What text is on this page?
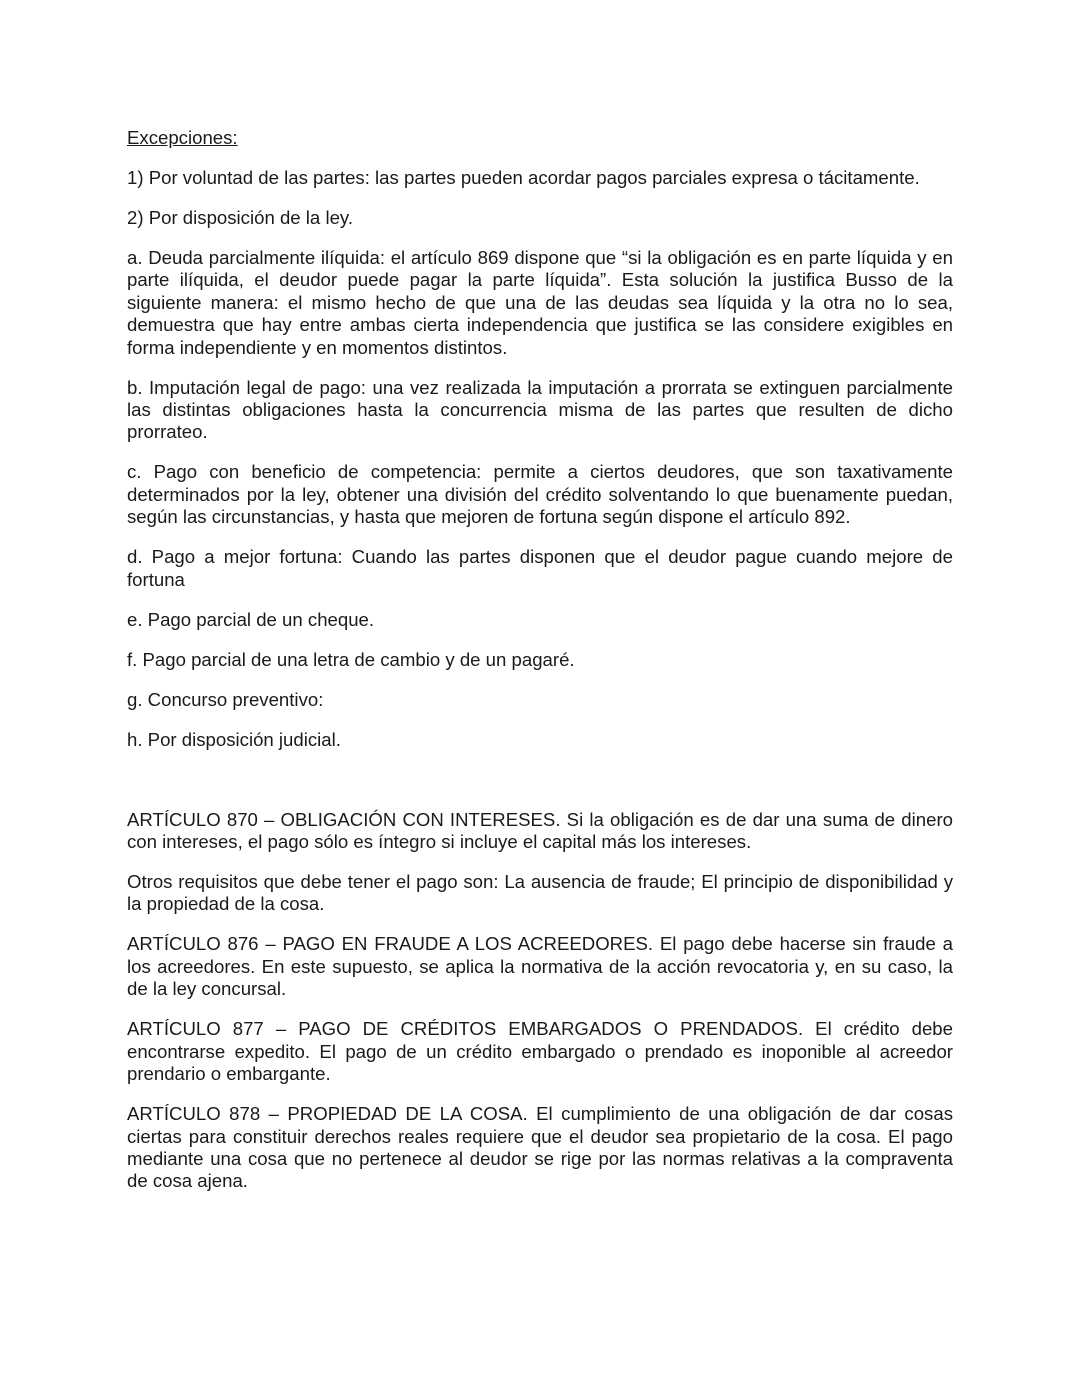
Excepciones:

1) Por voluntad de las partes: las partes pueden acordar pagos parciales expresa o tácitamente.

2) Por disposición de la ley.

a. Deuda parcialmente ilíquida: el artículo 869 dispone que “si la obligación es en parte líquida y en parte ilíquida, el deudor puede pagar la parte líquida”. Esta solución la justifica Busso de la siguiente manera: el mismo hecho de que una de las deudas sea líquida y la otra no lo sea, demuestra que hay entre ambas cierta independencia que justifica se las considere exigibles en forma independiente y en momentos distintos.

b. Imputación legal de pago: una vez realizada la imputación a prorrata se extinguen parcialmente las distintas obligaciones hasta la concurrencia misma de las partes que resulten de dicho prorrateo.

c. Pago con beneficio de competencia: permite a ciertos deudores, que son taxativamente determinados por la ley, obtener una división del crédito solventando lo que buenamente puedan, según las circunstancias, y hasta que mejoren de fortuna según dispone el artículo 892.

d. Pago a mejor fortuna: Cuando las partes disponen que el deudor pague cuando mejore de fortuna

e. Pago parcial de un cheque.

f. Pago parcial de una letra de cambio y de un pagaré.

g. Concurso preventivo:

h. Por disposición judicial.

ARTÍCULO 870 – OBLIGACIÓN CON INTERESES. Si la obligación es de dar una suma de dinero con intereses, el pago sólo es íntegro si incluye el capital más los intereses.

Otros requisitos que debe tener el pago son: La ausencia de fraude; El principio de disponibilidad y la propiedad de la cosa.

ARTÍCULO 876 – PAGO EN FRAUDE A LOS ACREEDORES. El pago debe hacerse sin fraude a los acreedores. En este supuesto, se aplica la normativa de la acción revocatoria y, en su caso, la de la ley concursal.

ARTÍCULO 877 – PAGO DE CRÉDITOS EMBARGADOS O PRENDADOS. El crédito debe encontrarse expedito. El pago de un crédito embargado o prendado es inoponible al acreedor prendario o embargante.

ARTÍCULO 878 – PROPIEDAD DE LA COSA. El cumplimiento de una obligación de dar cosas ciertas para constituir derechos reales requiere que el deudor sea propietario de la cosa. El pago mediante una cosa que no pertenece al deudor se rige por las normas relativas a la compraventa de cosa ajena.
